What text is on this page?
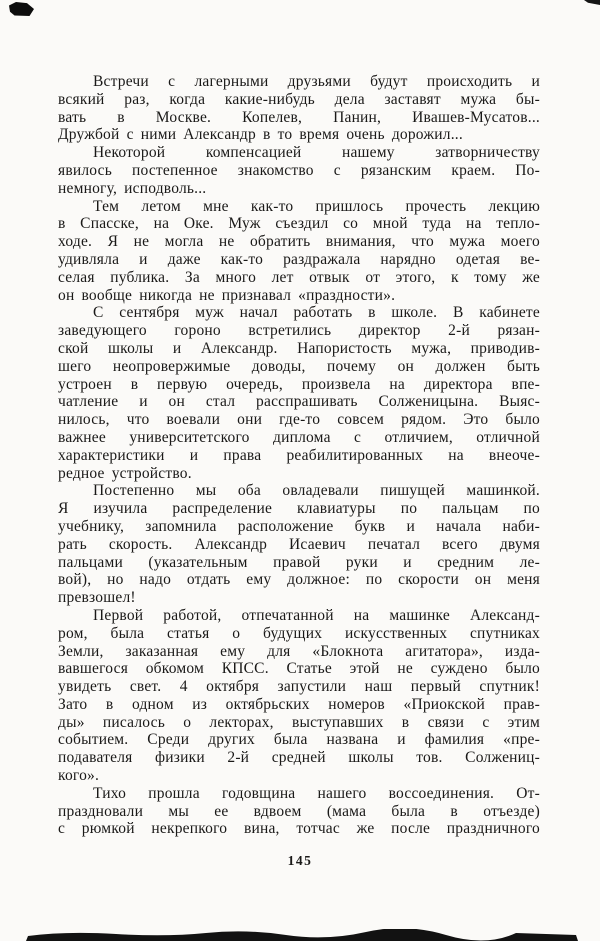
Встречи с лагерными друзьями будут происходить и
всякий раз, когда какие-нибудь дела заставят мужа бы-
вать в Москве. Копелев, Панин, Ивашев-Мусатов...
Дружбой с ними Александр в то время очень дорожил...
Некоторой компенсацией нашему затворничеству
явилось постепенное знакомство с рязанским краем. По-
немногу, исподволь...
Тем летом мне как-то пришлось прочесть лекцию
в Спасске, на Оке. Муж съездил со мной туда на тепло-
ходе. Я не могла не обратить внимания, что мужа моего
удивляла и даже как-то раздражала нарядно одетая ве-
селая публика. За много лет отвык от этого, к тому же
он вообще никогда не признавал «праздности».
С сентября муж начал работать в школе. В кабинете
заведующего гороно встретились директор 2-й рязан-
ской школы и Александр. Напористость мужа, приводив-
шего неопровержимые доводы, почему он должен быть
устроен в первую очередь, произвела на директора впе-
чатление и он стал расспрашивать Солженицына. Выяс-
нилось, что воевали они где-то совсем рядом. Это было
важнее университетского диплома с отличием, отличной
характеристики и права реабилитированных на внеоче-
редное устройство.
Постепенно мы оба овладевали пишущей машинкой.
Я изучила распределение клавиатуры по пальцам по
учебнику, запомнила расположение букв и начала наби-
рать скорость. Александр Исаевич печатал всего двумя
пальцами (указательным правой руки и средним ле-
вой), но надо отдать ему должное: по скорости он меня
превзошел!
Первой работой, отпечатанной на машинке Александ-
ром, была статья о будущих искусственных спутниках
Земли, заказанная ему для «Блокнота агитатора», изда-
вавшегося обкомом КПСС. Статье этой не суждено было
увидеть свет. 4 октября запустили наш первый спутник!
Зато в одном из октябрьских номеров «Приокской прав-
ды» писалось о лекторах, выступавших в связи с этим
событием. Среди других была названа и фамилия «пре-
подавателя физики 2-й средней школы тов. Солжениц-
кого».
Тихо прошла годовщина нашего воссоединения. От-
праздновали мы ее вдвоем (мама была в отъезде)
с рюмкой некрепкого вина, тотчас же после праздничного
145
